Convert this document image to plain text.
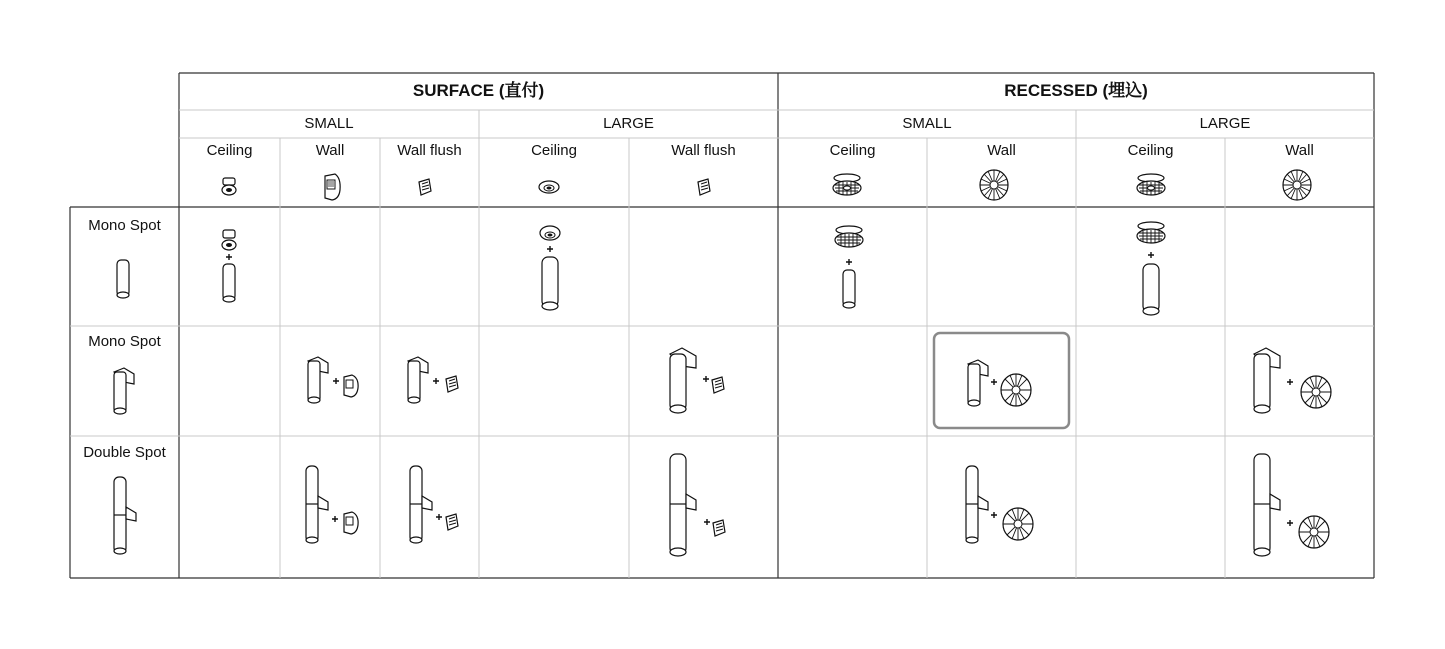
SURFACE (直付)	RECESSED (埋込)
SMALL	LARGE	SMALL	LARGE
Ceiling	Wall	Wall flush	Ceiling	Wall flush	Ceiling	Wall	Ceiling	Wall
Mono Spot
Mono Spot
Double Spot
